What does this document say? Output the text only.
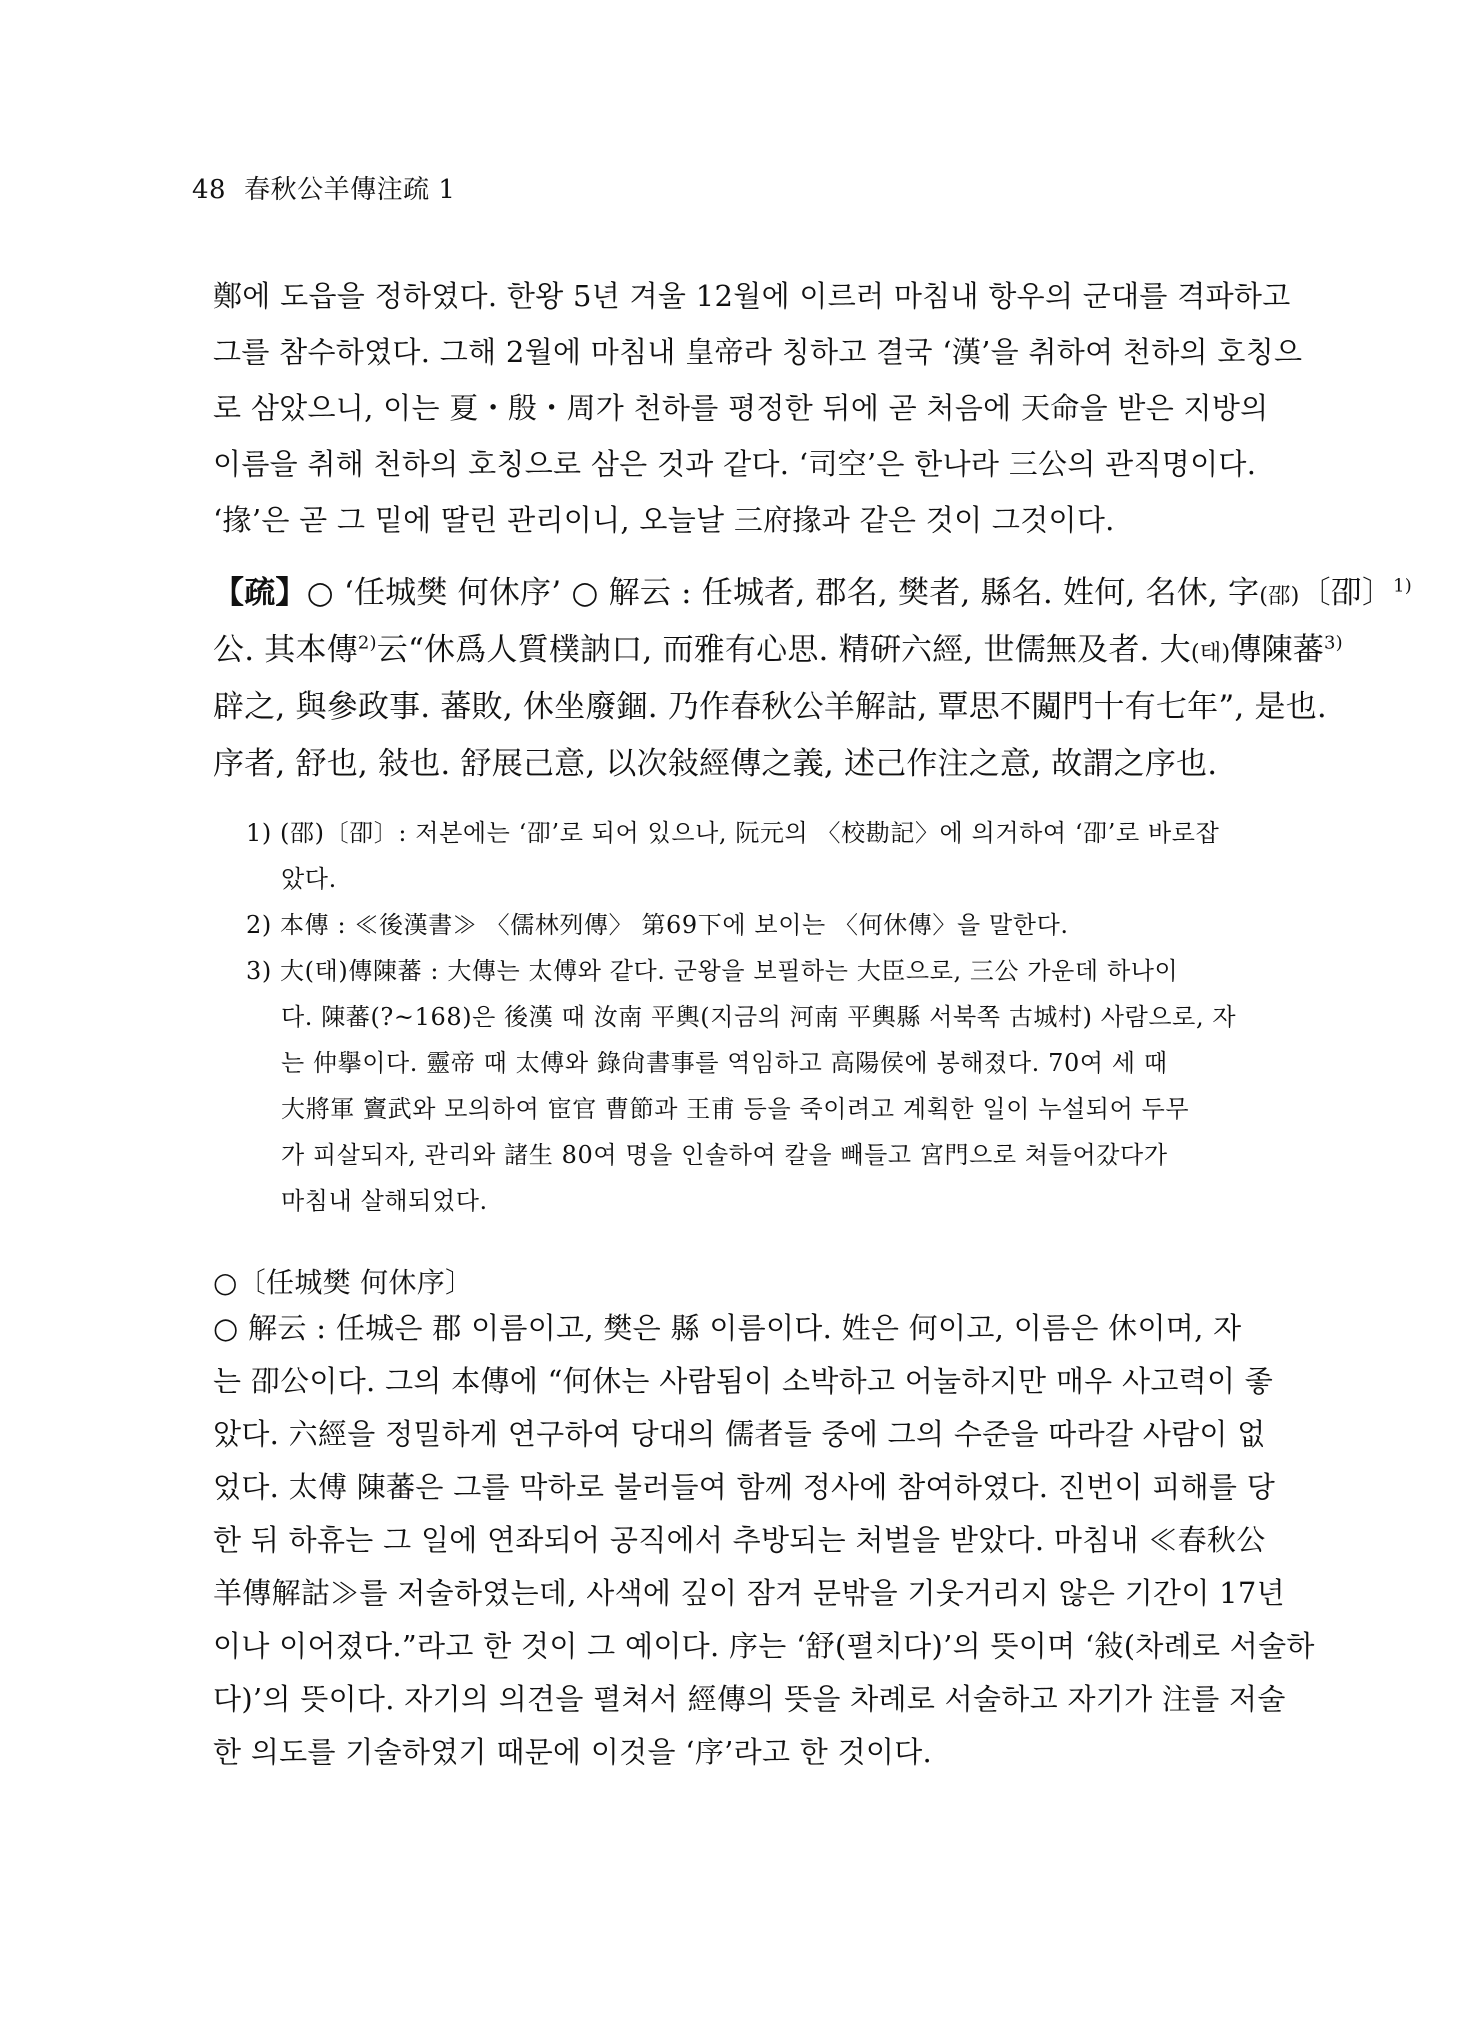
48 春秋公羊傳注疏 1
鄭에 도읍을 정하였다. 한왕 5년 겨울 12월에 이르러 마침내 항우의 군대를 격파하고
그를 참수하였다. 그해 2월에 마침내 皇帝라 칭하고 결국 ‘漢’을 취하여 천하의 호칭으
로 삼았으니, 이는 夏・殷・周가 천하를 평정한 뒤에 곧 처음에 天命을 받은 지방의
이름을 취해 천하의 호칭으로 삼은 것과 같다. ‘司空’은 한나라 三公의 관직명이다.
‘掾’은 곧 그 밑에 딸린 관리이니, 오늘날 三府掾과 같은 것이 그것이다.
【疏】○ ‘任城樊 何休序’ ○ 解云 : 任城者, 郡名, 樊者, 縣名. 姓何, 名休, 字(邵)〔卲〕$^{1)}$
公. 其本傳$^{2)}$云“休爲人質樸訥口, 而雅有心思. 精硏六經, 世儒無及者. 大(태)傳陳蕃$^{3)}$
辟之, 與參政事. 蕃敗, 休坐廢錮. 乃作春秋公羊解詁, 覃思不闚門十有七年”, 是也.
序者, 舒也, 敍也. 舒展己意, 以次敍經傳之義, 述己作注之意, 故謂之序也.
1) (邵)〔卲〕: 저본에는 ‘卲’로 되어 있으나, 阮元의 〈校勘記〉에 의거하여 ‘卲’로 바로잡
았다.
2) 本傳 : ≪後漢書≫ 〈儒林列傳〉 第69下에 보이는 〈何休傳〉을 말한다.
3) 大(태)傳陳蕃 : 大傳는 太傅와 같다. 군왕을 보필하는 大臣으로, 三公 가운데 하나이
다. 陳蕃(?~168)은 後漢 때 汝南 平輿(지금의 河南 平輿縣 서북쪽 古城村) 사람으로, 자
는 仲擧이다. 靈帝 때 太傅와 錄尙書事를 역임하고 高陽侯에 봉해졌다. 70여 세 때
大將軍 竇武와 모의하여 宦官 曹節과 王甫 등을 죽이려고 계획한 일이 누설되어 두무
가 피살되자, 관리와 諸生 80여 명을 인솔하여 칼을 빼들고 宮門으로 쳐들어갔다가
마침내 살해되었다.
○〔任城樊 何休序〕
○ 解云 : 任城은 郡 이름이고, 樊은 縣 이름이다. 姓은 何이고, 이름은 休이며, 자
는 卲公이다. 그의 本傳에 “何休는 사람됨이 소박하고 어눌하지만 매우 사고력이 좋
았다. 六經을 정밀하게 연구하여 당대의 儒者들 중에 그의 수준을 따라갈 사람이 없
었다. 太傅 陳蕃은 그를 막하로 불러들여 함께 정사에 참여하였다. 진번이 피해를 당
한 뒤 하휴는 그 일에 연좌되어 공직에서 추방되는 처벌을 받았다. 마침내 ≪春秋公
羊傳解詁≫를 저술하였는데, 사색에 깊이 잠겨 문밖을 기웃거리지 않은 기간이 17년
이나 이어졌다.”라고 한 것이 그 예이다. 序는 ‘舒(펼치다)’의 뜻이며 ‘敍(차례로 서술하
다)’의 뜻이다. 자기의 의견을 펼쳐서 經傳의 뜻을 차례로 서술하고 자기가 注를 저술
한 의도를 기술하였기 때문에 이것을 ‘序’라고 한 것이다.
